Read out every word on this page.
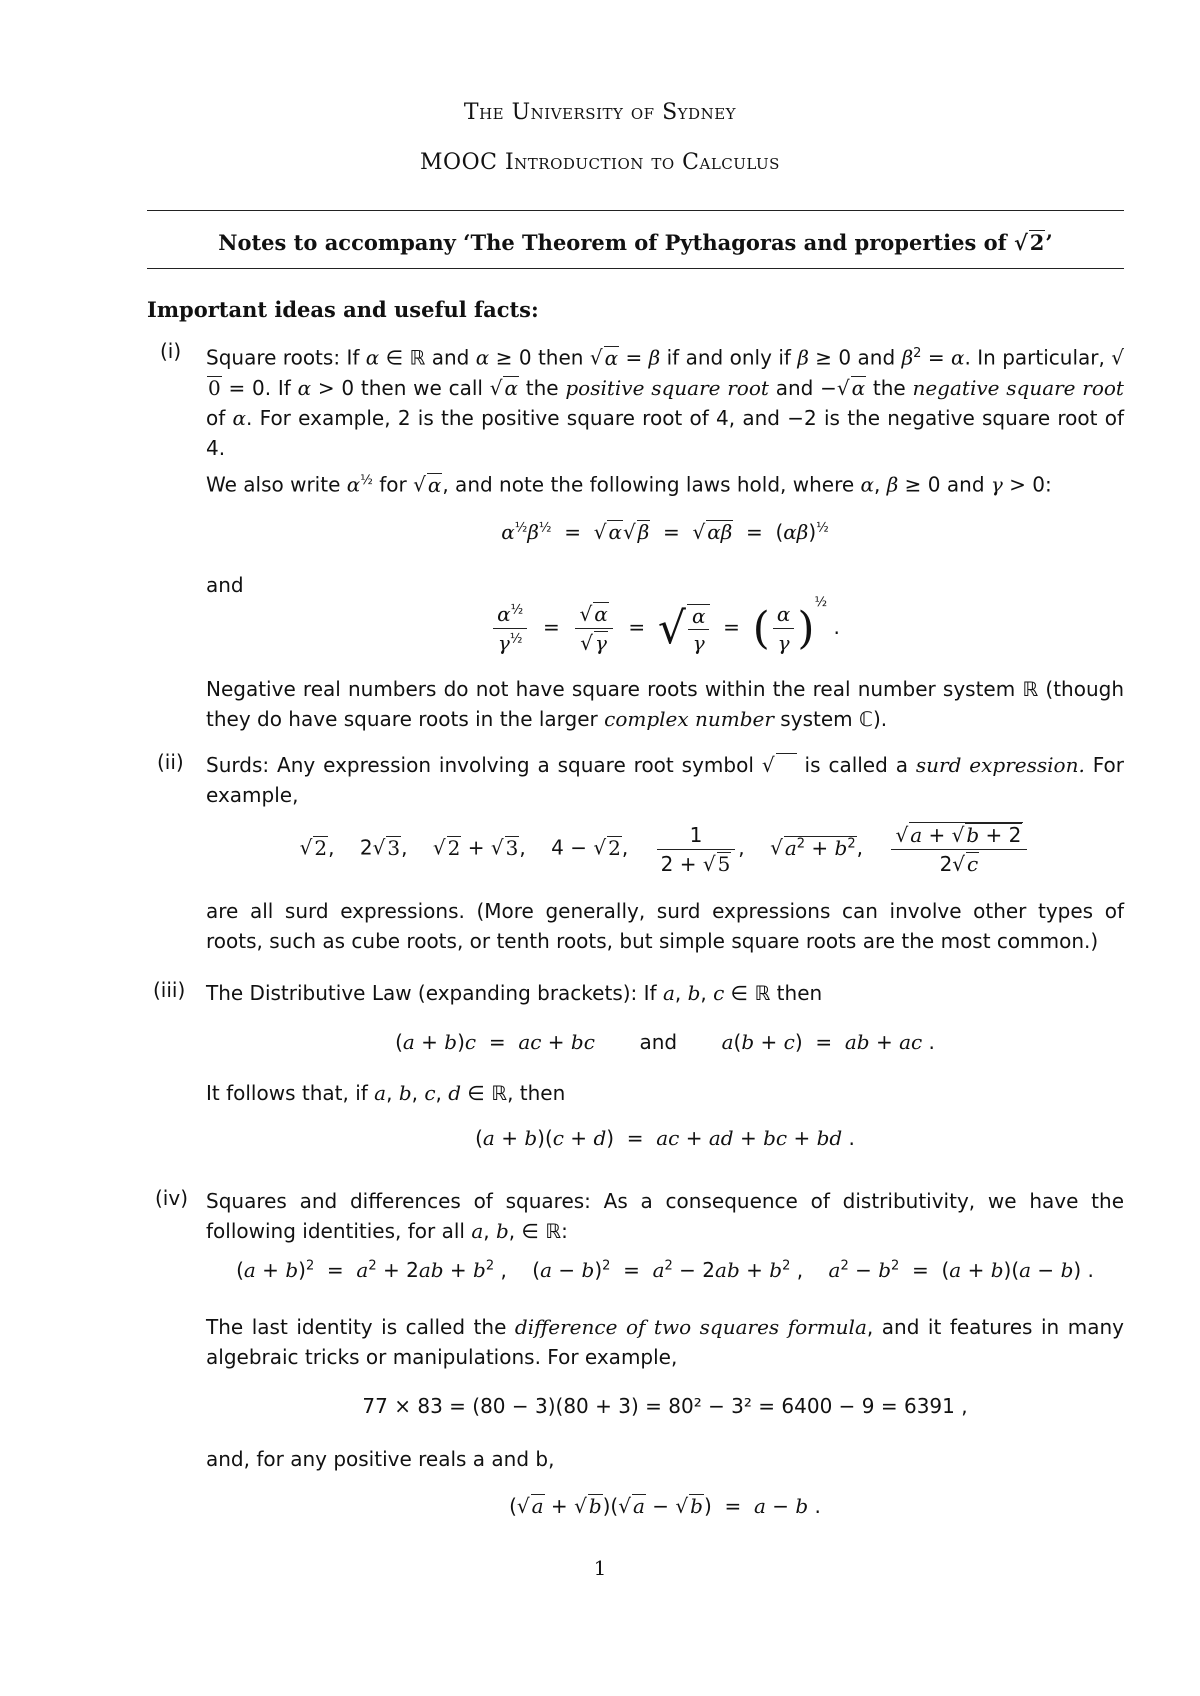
The University of Sydney
MOOC Introduction to Calculus
Notes to accompany ‘The Theorem of Pythagoras and properties of √2’
Important ideas and useful facts:
(i) Square roots: If α ∈ ℝ and α ≥ 0 then √ α = β if and only if β ≥ 0 and $\beta^2 = \alpha$. In particular, √0 = 0. If α > 0 then we call √ α the positive square root and −√ α the negative square root of α. For example, 2 is the positive square root of 4, and −2 is the negative square root of 4.
We also write $\alpha^{\frac{1}{2}}$ for √ α, and note the following laws hold, where α, β ≥ 0 and γ > 0:
$\alpha^{\frac{1}{2}}\beta^{\frac{1}{2}}$  =  √ α√ β  =  √ $\alpha\beta = (\alpha\beta)^{\frac{1}{2}}$
and
$\frac{\alpha^{\frac{1}{2}}}{\gamma^{\frac{1}{2}}} = \frac{√ \alpha}{√ \gamma}$ =  √ $\frac{\alpha}{\gamma}$ =  ( $\frac{\alpha}{\gamma} )^{\frac{1}{2}}$ .
Negative real numbers do not have square roots within the real number system ℝ (though they do have square roots in the larger complex number system ℂ).
(ii) Surds: Any expression involving a square root symbol √    is called a surd expression. For example,
√ 2,    2√ 3,    √ 2 + √ 3,    4 − √ 2, $\frac{1}{2 + √ 5}$ ,    √ $a^2 + b^2$, $\frac{√ a + √ b + 2}{2√ c}$
are all surd expressions. (More generally, surd expressions can involve other types of roots, such as cube roots, or tenth roots, but simple square roots are the most common.)
(iii) The Distributive Law (expanding brackets): If a, b, c ∈ ℝ then
(a + b)c  =  ac + bc and a(b + c)  =  ab + ac .
It follows that, if a, b, c, d ∈ ℝ, then
(a + b)(c + d)  =  ac + ad + bc + bd .
(iv) Squares and differences of squares: As a consequence of distributivity, we have the following identities, for all a, b, ∈ ℝ:
$(a + b)^2 = a^2 + 2ab + b^2$ ,    $(a - b)^2 = a^2 - 2ab + b^2$ ,    $a^2 - b^2 = (a + b)(a - b)$ .
The last identity is called the difference of two squares formula, and it features in many algebraic tricks or manipulations. For example,
77 × 83 = (80 − 3)(80 + 3) = 80² − 3² = 6400 − 9 = 6391 ,
and, for any positive reals a and b,
(√ a + √ b)(√ a − √ b)  =  a − b .
1
